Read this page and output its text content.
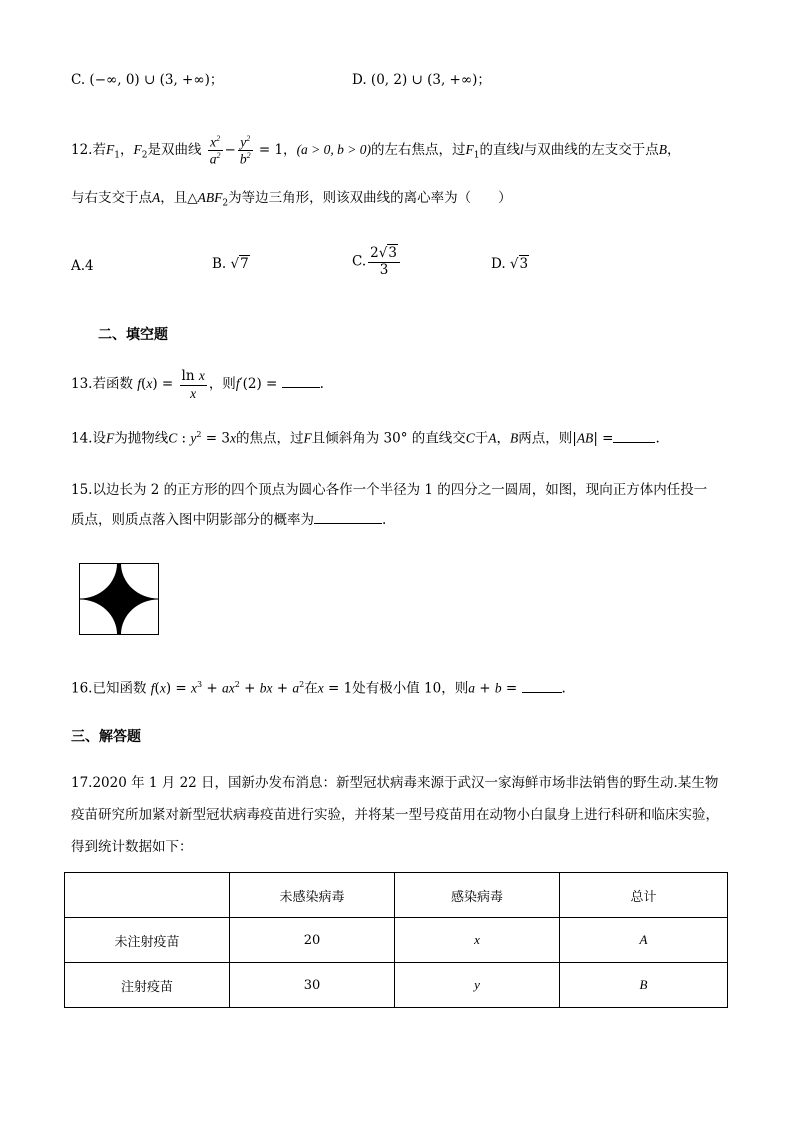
C. (−∞, 0) ∪ (3, +∞)；	D. (0, 2) ∪ (3, +∞)；
12.若$F_1$，$F_2$是双曲线 $\frac{x^2}{a^2} - \frac{y^2}{b^2} = 1$，(a > 0, b > 0)的左右焦点，过$F_1$的直线l与双曲线的左支交于点B，
与右支交于点A，且$\triangle ABF_2$为等边三角形，则该双曲线的离心率为（　　）
A.4	B. √7	C. $\frac{2√3}{3}$	D. √3
二、填空题
13.若函数 $f(x) = \frac{\text{ln x}}{x}$ ，则f′(2) =	.
14.设F为抛物线C : $y^2 = 3x$的焦点，过F且倾斜角为 30° 的直线交C于A，B两点，则|AB| =	.
15.以边长为 2 的正方形的四个顶点为圆心各作一个半径为 1 的四分之一圆周，如图，现向正方体内任投一
质点，则质点落入图中阴影部分的概率为	.
16.已知函数 $f(x) = x^3 + ax^2$ + bx + $a^2$在x = 1处有极小值 10，则a + b =	.
三、解答题
17.2020 年 1 月 22 日，国新办发布消息：新型冠状病毒来源于武汉一家海鲜市场非法销售的野生动.某生物疫苗研究所加紧对新型冠状病毒疫苗进行实验，并将某一型号疫苗用在动物小白鼠身上进行科研和临床实验，得到统计数据如下：
	未感染病毒	感染病毒	总计
未注射疫苗	20	x	A
注射疫苗	30	y	B
